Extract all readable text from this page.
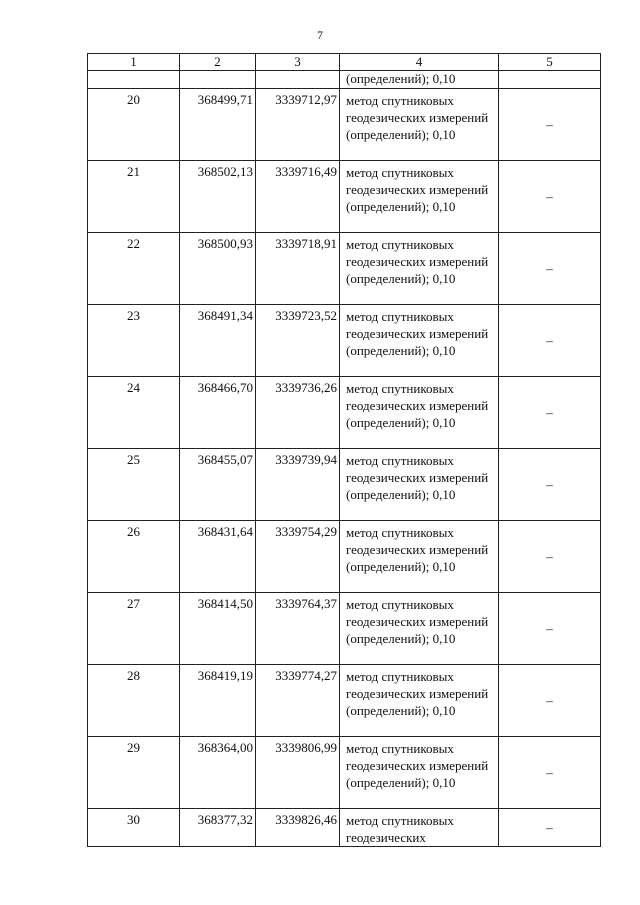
7
1	2	3	4	5
			(определений); 0,10	
20	368499,71	3339712,97	метод спутниковых геодезических измерений (определений); 0,10	–
21	368502,13	3339716,49	метод спутниковых геодезических измерений (определений); 0,10	–
22	368500,93	3339718,91	метод спутниковых геодезических измерений (определений); 0,10	–
23	368491,34	3339723,52	метод спутниковых геодезических измерений (определений); 0,10	–
24	368466,70	3339736,26	метод спутниковых геодезических измерений (определений); 0,10	–
25	368455,07	3339739,94	метод спутниковых геодезических измерений (определений); 0,10	–
26	368431,64	3339754,29	метод спутниковых геодезических измерений (определений); 0,10	–
27	368414,50	3339764,37	метод спутниковых геодезических измерений (определений); 0,10	–
28	368419,19	3339774,27	метод спутниковых геодезических измерений (определений); 0,10	–
29	368364,00	3339806,99	метод спутниковых геодезических измерений (определений); 0,10	–
30	368377,32	3339826,46	метод спутниковых геодезических	–
